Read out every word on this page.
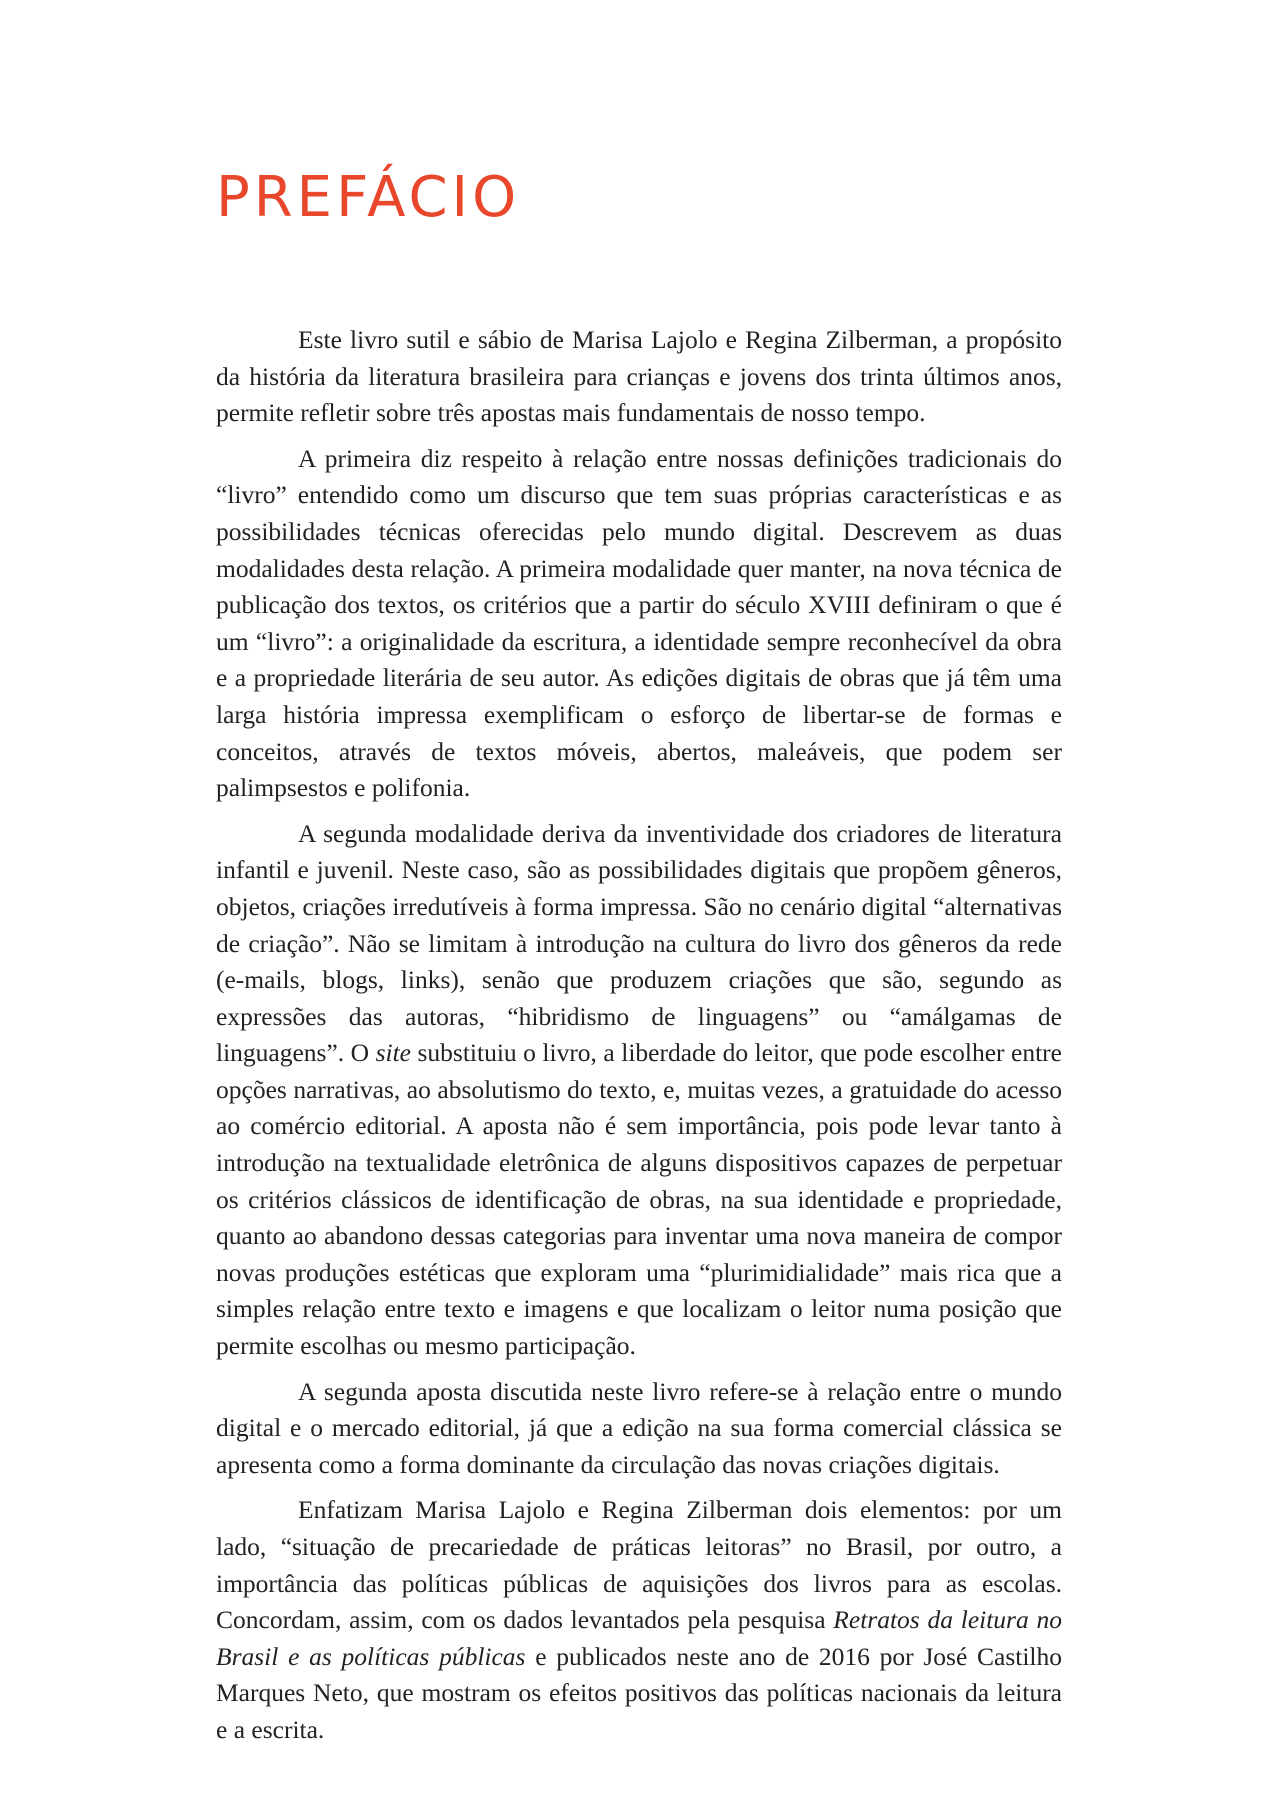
PREFÁCIO

Este livro sutil e sábio de Marisa Lajolo e Regina Zilberman, a propósito da história da literatura brasileira para crianças e jovens dos trinta últimos anos, permite refletir sobre três apostas mais fundamentais de nosso tempo.

A primeira diz respeito à relação entre nossas definições tradicionais do “livro” entendido como um discurso que tem suas próprias características e as possibilidades técnicas oferecidas pelo mundo digital. Descrevem as duas modalidades desta relação. A primeira modalidade quer manter, na nova técnica de publicação dos textos, os critérios que a partir do século XVIII definiram o que é um “livro”: a originalidade da escritura, a identidade sempre reconhecível da obra e a propriedade literária de seu autor. As edições digitais de obras que já têm uma larga história impressa exemplificam o esforço de libertar-se de formas e conceitos, através de textos móveis, abertos, maleáveis, que podem ser palimpsestos e polifonia.

A segunda modalidade deriva da inventividade dos criadores de literatura infantil e juvenil. Neste caso, são as possibilidades digitais que propõem gêneros, objetos, criações irredutíveis à forma impressa. São no cenário digital “alternativas de criação”. Não se limitam à introdução na cultura do livro dos gêneros da rede (e-mails, blogs, links), senão que produzem criações que são, segundo as expressões das autoras, “hibridismo de linguagens” ou “amálgamas de linguagens”. O site substituiu o livro, a liberdade do leitor, que pode escolher entre opções narrativas, ao absolutismo do texto, e, muitas vezes, a gratuidade do acesso ao comércio editorial. A aposta não é sem importância, pois pode levar tanto à introdução na textualidade eletrônica de alguns dispositivos capazes de perpetuar os critérios clássicos de identificação de obras, na sua identidade e propriedade, quanto ao abandono dessas categorias para inventar uma nova maneira de compor novas produções estéticas que exploram uma “plurimidialidade” mais rica que a simples relação entre texto e imagens e que localizam o leitor numa posição que permite escolhas ou mesmo participação.

A segunda aposta discutida neste livro refere-se à relação entre o mundo digital e o mercado editorial, já que a edição na sua forma comercial clássica se apresenta como a forma dominante da circulação das novas criações digitais.

Enfatizam Marisa Lajolo e Regina Zilberman dois elementos: por um lado, “situação de precariedade de práticas leitoras” no Brasil, por outro, a importância das políticas públicas de aquisições dos livros para as escolas. Concordam, assim, com os dados levantados pela pesquisa Retratos da leitura no Brasil e as políticas públicas e publicados neste ano de 2016 por José Castilho Marques Neto, que mostram os efeitos positivos das políticas nacionais da leitura e a escrita.
